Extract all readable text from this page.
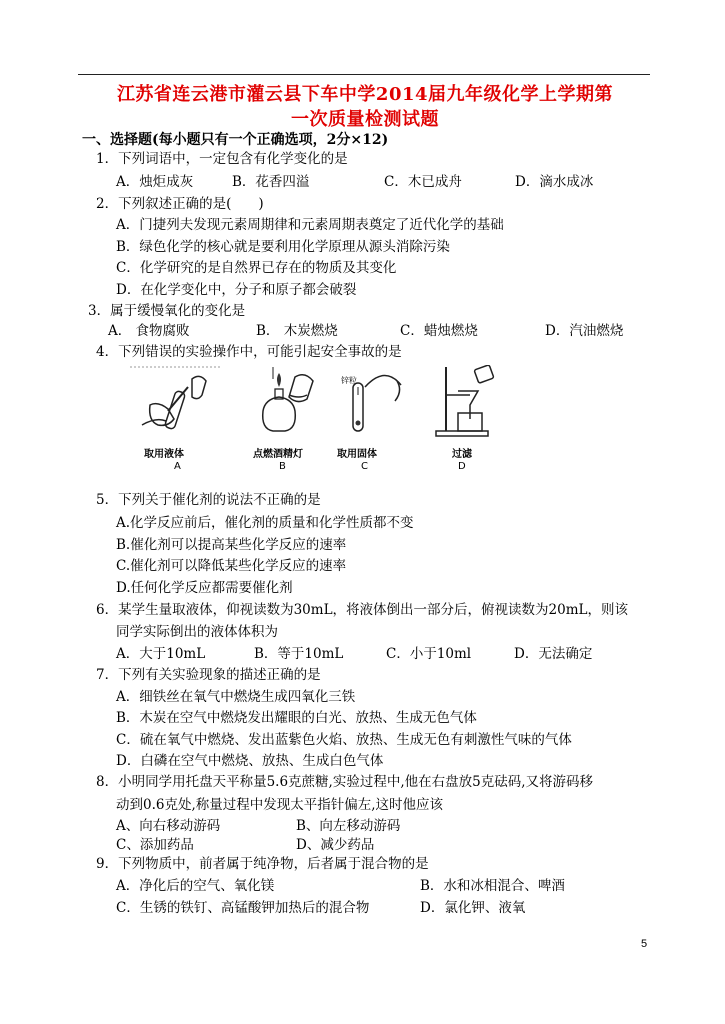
江苏省连云港市灌云县下车中学2014届九年级化学上学期第
一次质量检测试题
一、选择题(每小题只有一个正确选项，2分×12)
1．下列词语中，一定包含有化学变化的是
A．烛炬成灰	B．花香四溢	C．木已成舟	D．滴水成冰
2．下列叙述正确的是(　　)
A．门捷列夫发现元素周期律和元素周期表奠定了近代化学的基础
B．绿色化学的核心就是要利用化学原理从源头消除污染
C．化学研究的是自然界已存在的物质及其变化
D．在化学变化中，分子和原子都会破裂
3．属于缓慢氧化的变化是
A． 食物腐败	B． 木炭燃烧	C．蜡烛燃烧	D．汽油燃烧
4．下列错误的实验操作中，可能引起安全事故的是
取用液体
A
点燃酒精灯
B
锌粒
取用固体
C
过滤
D
5．下列关于催化剂的说法不正确的是
A.化学反应前后，催化剂的质量和化学性质都不变
B.催化剂可以提高某些化学反应的速率
C.催化剂可以降低某些化学反应的速率
D.任何化学反应都需要催化剂
6．某学生量取液体，仰视读数为30mL，将液体倒出一部分后，俯视读数为20mL，则该
同学实际倒出的液体体积为
A．大于10mL	B．等于10mL	C．小于10ml	D．无法确定
7．下列有关实验现象的描述正确的是
A．细铁丝在氧气中燃烧生成四氧化三铁
B．木炭在空气中燃烧发出耀眼的白光、放热、生成无色气体
C．硫在氧气中燃烧、发出蓝紫色火焰、放热、生成无色有刺激性气味的气体
D．白磷在空气中燃烧、放热、生成白色气体
8．小明同学用托盘天平称量5.6克蔗糖,实验过程中,他在右盘放5克砝码,又将游码移
动到0.6克处,称量过程中发现太平指针偏左,这时他应该
A、向右移动游码	B、向左移动游码
C、添加药品	D、减少药品
9．下列物质中，前者属于纯净物，后者属于混合物的是
A．净化后的空气、氧化镁	B．水和冰相混合、啤酒
C．生锈的铁钉、高锰酸钾加热后的混合物	D．氯化钾、液氧
5
